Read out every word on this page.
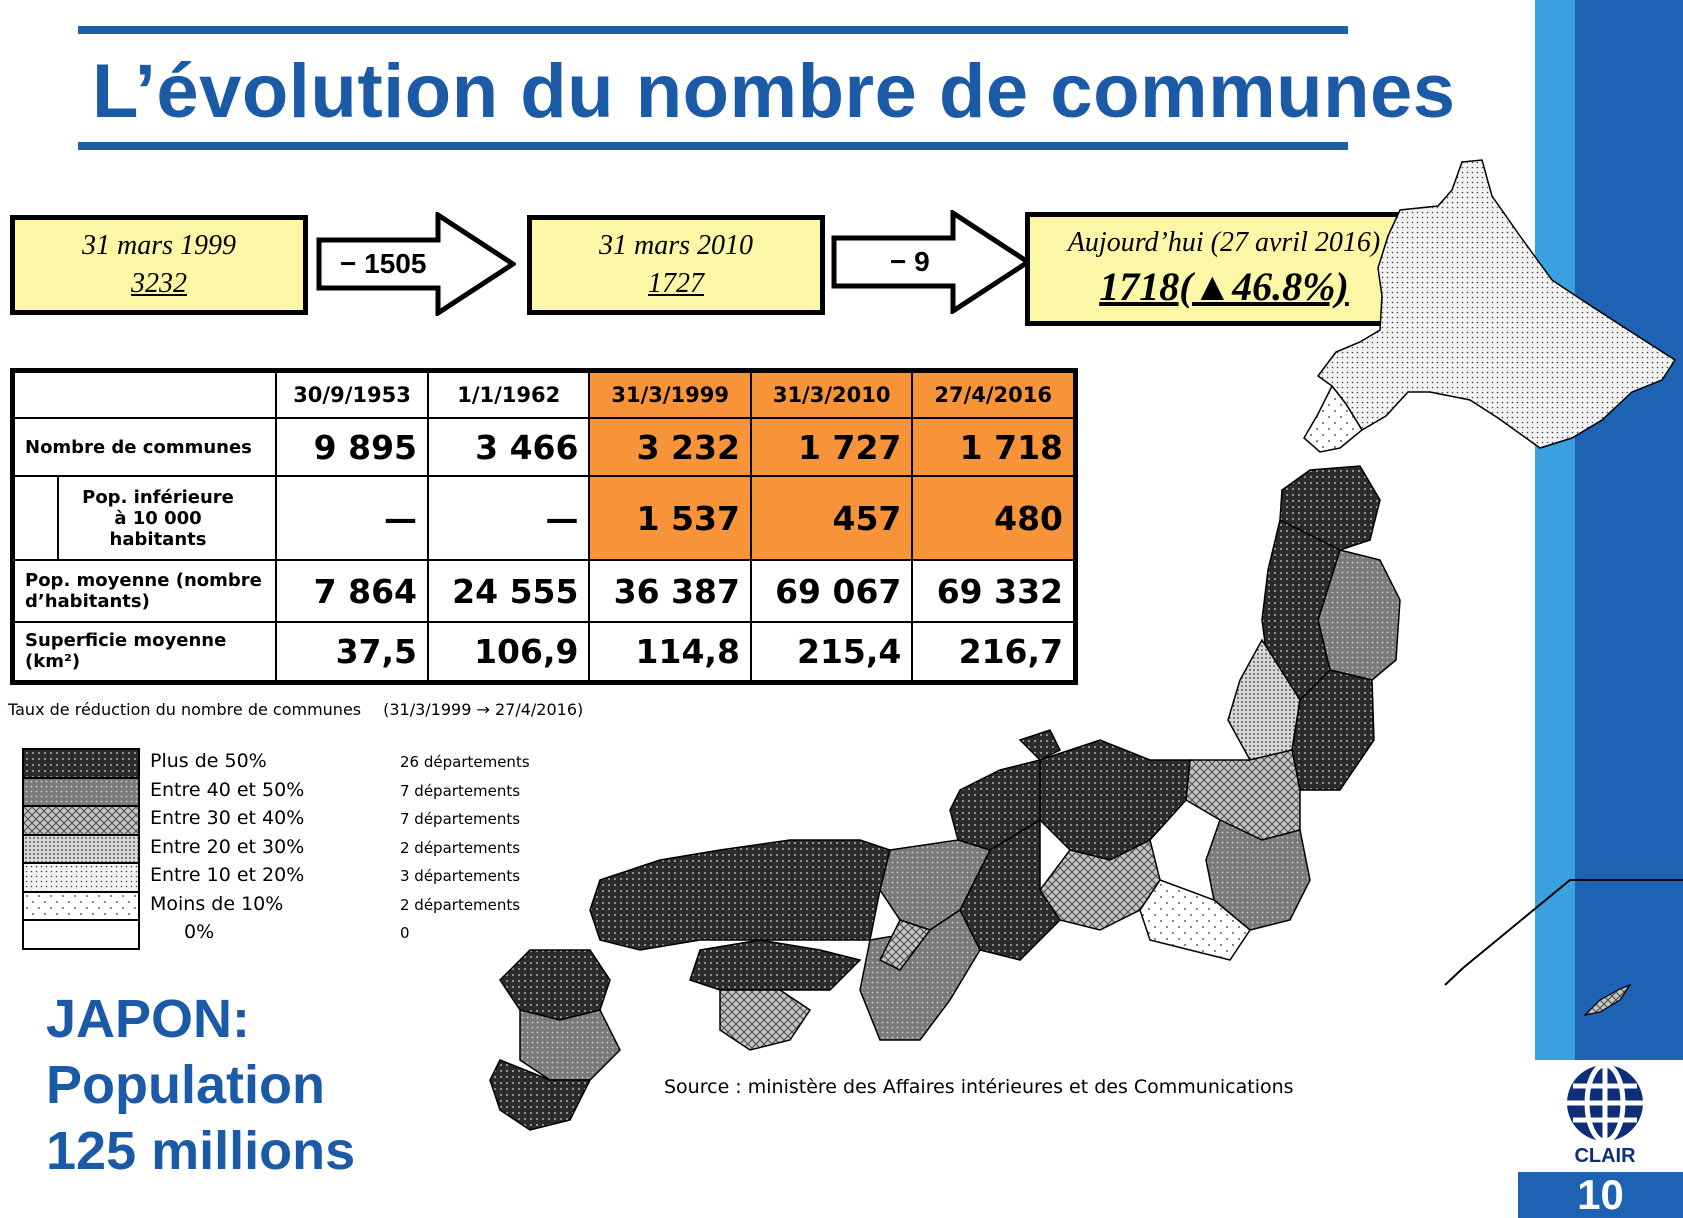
L’évolution du nombre de communes
31 mars 1999
3232
− 1505
31 mars 2010
1727
− 9
Aujourd’hui (27 avril 2016)
1718(▲46.8%)
	30/9/1953	1/1/1962	31/3/1999	31/3/2010	27/4/2016
Nombre de communes	9 895	3 466	3 232	1 727	1 718

Pop. inférieure à 10 000 habitants	—	—	1 537	457	480
Pop. moyenne (nombre d’habitants)	7 864	24 555	36 387	69 067	69 332
Superficie moyenne (km²)	37,5	106,9	114,8	215,4	216,7
Taux de réduction du nombre de communes (31/3/1999 → 27/4/2016)
Plus de 50%	26 départements
Entre 40 et 50%	7 départements
Entre 30 et 40%	7 départements
Entre 20 et 30%	2 départements
Entre 10 et 20%	3 départements
Moins de 10%	2 départements
0%	0
JAPON:
Population
125 millions
Source : ministère des Affaires intérieures et des Communications
CLAIR
10
